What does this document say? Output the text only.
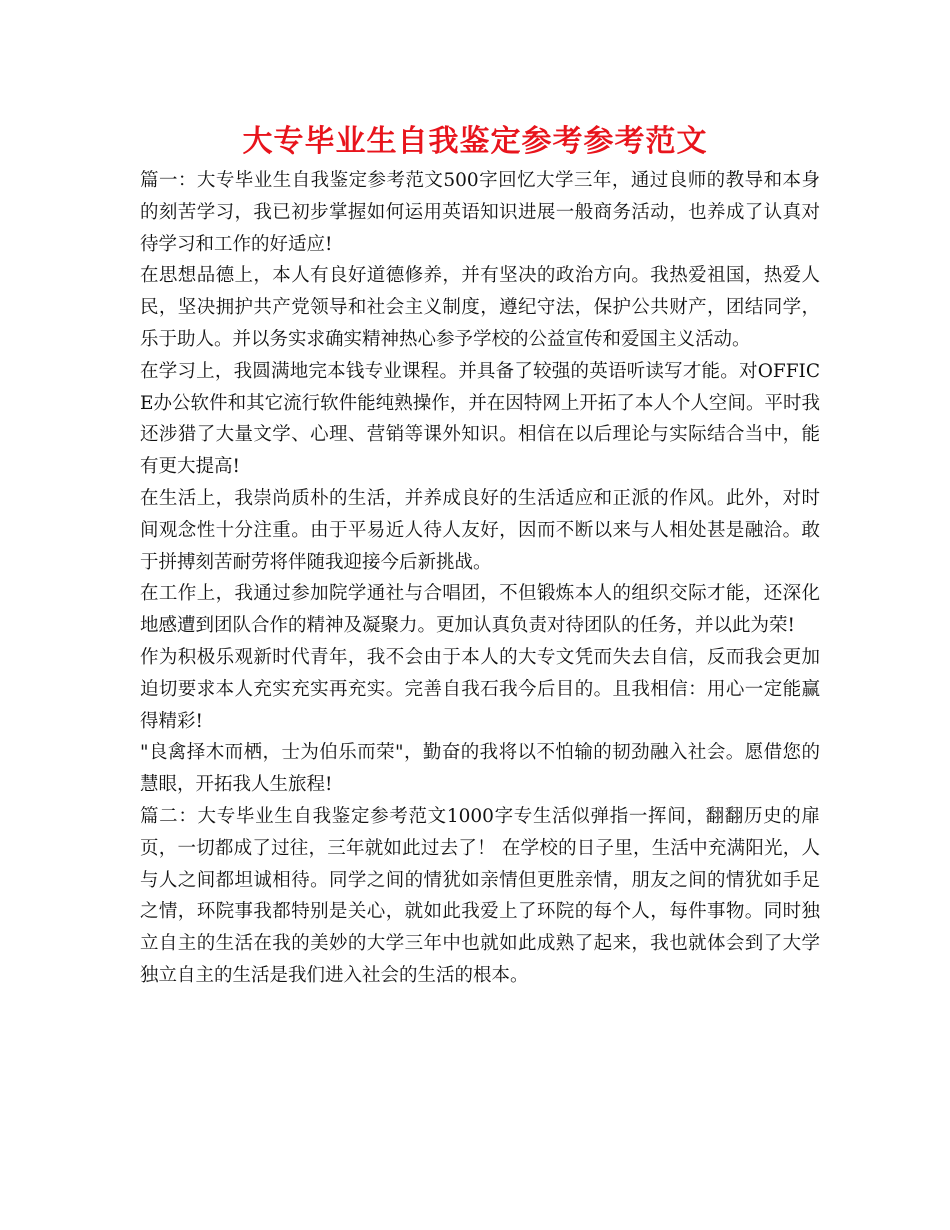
大专毕业生自我鉴定参考参考范文

篇一：大专毕业生自我鉴定参考范文500字回忆大学三年，通过良师的教导和本身的刻苦学习，我已初步掌握如何运用英语知识进展一般商务活动，也养成了认真对待学习和工作的好适应!

在思想品德上，本人有良好道德修养，并有坚决的政治方向。我热爱祖国，热爱人民，坚决拥护共产党领导和社会主义制度，遵纪守法，保护公共财产，团结同学，乐于助人。并以务实求确实精神热心参予学校的公益宣传和爱国主义活动。

在学习上，我圆满地完本钱专业课程。并具备了较强的英语听读写才能。对OFFICE办公软件和其它流行软件能纯熟操作，并在因特网上开拓了本人个人空间。平时我还涉猎了大量文学、心理、营销等课外知识。相信在以后理论与实际结合当中，能有更大提高!

在生活上，我崇尚质朴的生活，并养成良好的生活适应和正派的作风。此外，对时间观念性十分注重。由于平易近人待人友好，因而不断以来与人相处甚是融洽。敢于拼搏刻苦耐劳将伴随我迎接今后新挑战。

在工作上，我通过参加院学通社与合唱团，不但锻炼本人的组织交际才能，还深化地感遭到团队合作的精神及凝聚力。更加认真负责对待团队的任务，并以此为荣!

作为积极乐观新时代青年，我不会由于本人的大专文凭而失去自信，反而我会更加迫切要求本人充实充实再充实。完善自我石我今后目的。且我相信：用心一定能赢得精彩!

"良禽择木而栖，士为伯乐而荣"，勤奋的我将以不怕输的韧劲融入社会。愿借您的慧眼，开拓我人生旅程!

篇二：大专毕业生自我鉴定参考范文1000字专生活似弹指一挥间，翻翻历史的扉页，一切都成了过往，三年就如此过去了！ 在学校的日子里，生活中充满阳光，人与人之间都坦诚相待。同学之间的情犹如亲情但更胜亲情，朋友之间的情犹如手足之情，环院事我都特别是关心，就如此我爱上了环院的每个人，每件事物。同时独立自主的生活在我的美妙的大学三年中也就如此成熟了起来，我也就体会到了大学独立自主的生活是我们进入社会的生活的根本。
